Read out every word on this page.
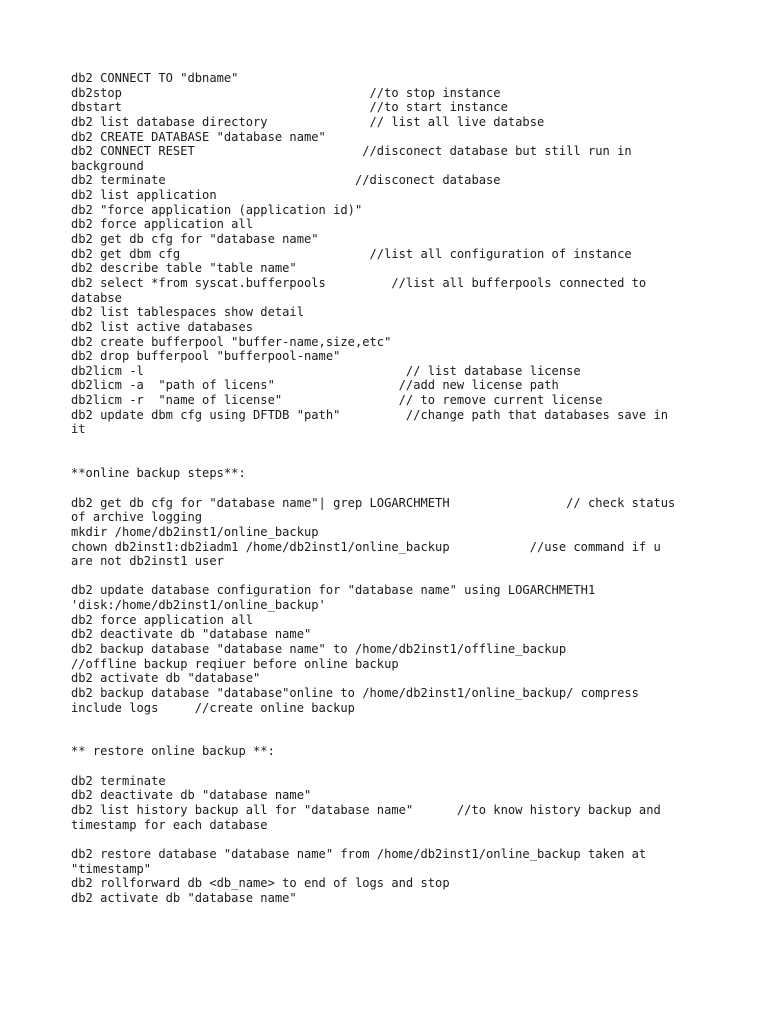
db2 CONNECT TO "dbname"
db2stop                                  //to stop instance
dbstart                                  //to start instance
db2 list database directory              // list all live databse
db2 CREATE DATABASE "database name"
db2 CONNECT RESET                       //disconect database but still run in
background
db2 terminate                          //disconect database
db2 list application
db2 "force application (application id)"
db2 force application all
db2 get db cfg for "database name"
db2 get dbm cfg                          //list all configuration of instance
db2 describe table "table name"
db2 select *from syscat.bufferpools         //list all bufferpools connected to
databse
db2 list tablespaces show detail
db2 list active databases
db2 create bufferpool "buffer-name,size,etc"
db2 drop bufferpool "bufferpool-name"
db2licm -l                                    // list database license
db2licm -a  "path of licens"                 //add new license path
db2licm -r  "name of license"                // to remove current license
db2 update dbm cfg using DFTDB "path"         //change path that databases save in
it
**online backup steps**:
db2 get db cfg for "database name"| grep LOGARCHMETH                // check status
of archive logging
mkdir /home/db2inst1/online_backup
chown db2inst1:db2iadm1 /home/db2inst1/online_backup           //use command if u
are not db2inst1 user
db2 update database configuration for "database name" using LOGARCHMETH1
'disk:/home/db2inst1/online_backup'
db2 force application all
db2 deactivate db "database name"
db2 backup database "database name" to /home/db2inst1/offline_backup
//offline backup reqiuer before online backup
db2 activate db "database"
db2 backup database "database"online to /home/db2inst1/online_backup/ compress
include logs     //create online backup
** restore online backup **:
db2 terminate
db2 deactivate db "database name"
db2 list history backup all for "database name"      //to know history backup and
timestamp for each database
db2 restore database "database name" from /home/db2inst1/online_backup taken at
"timestamp"
db2 rollforward db <db_name> to end of logs and stop
db2 activate db "database name"
